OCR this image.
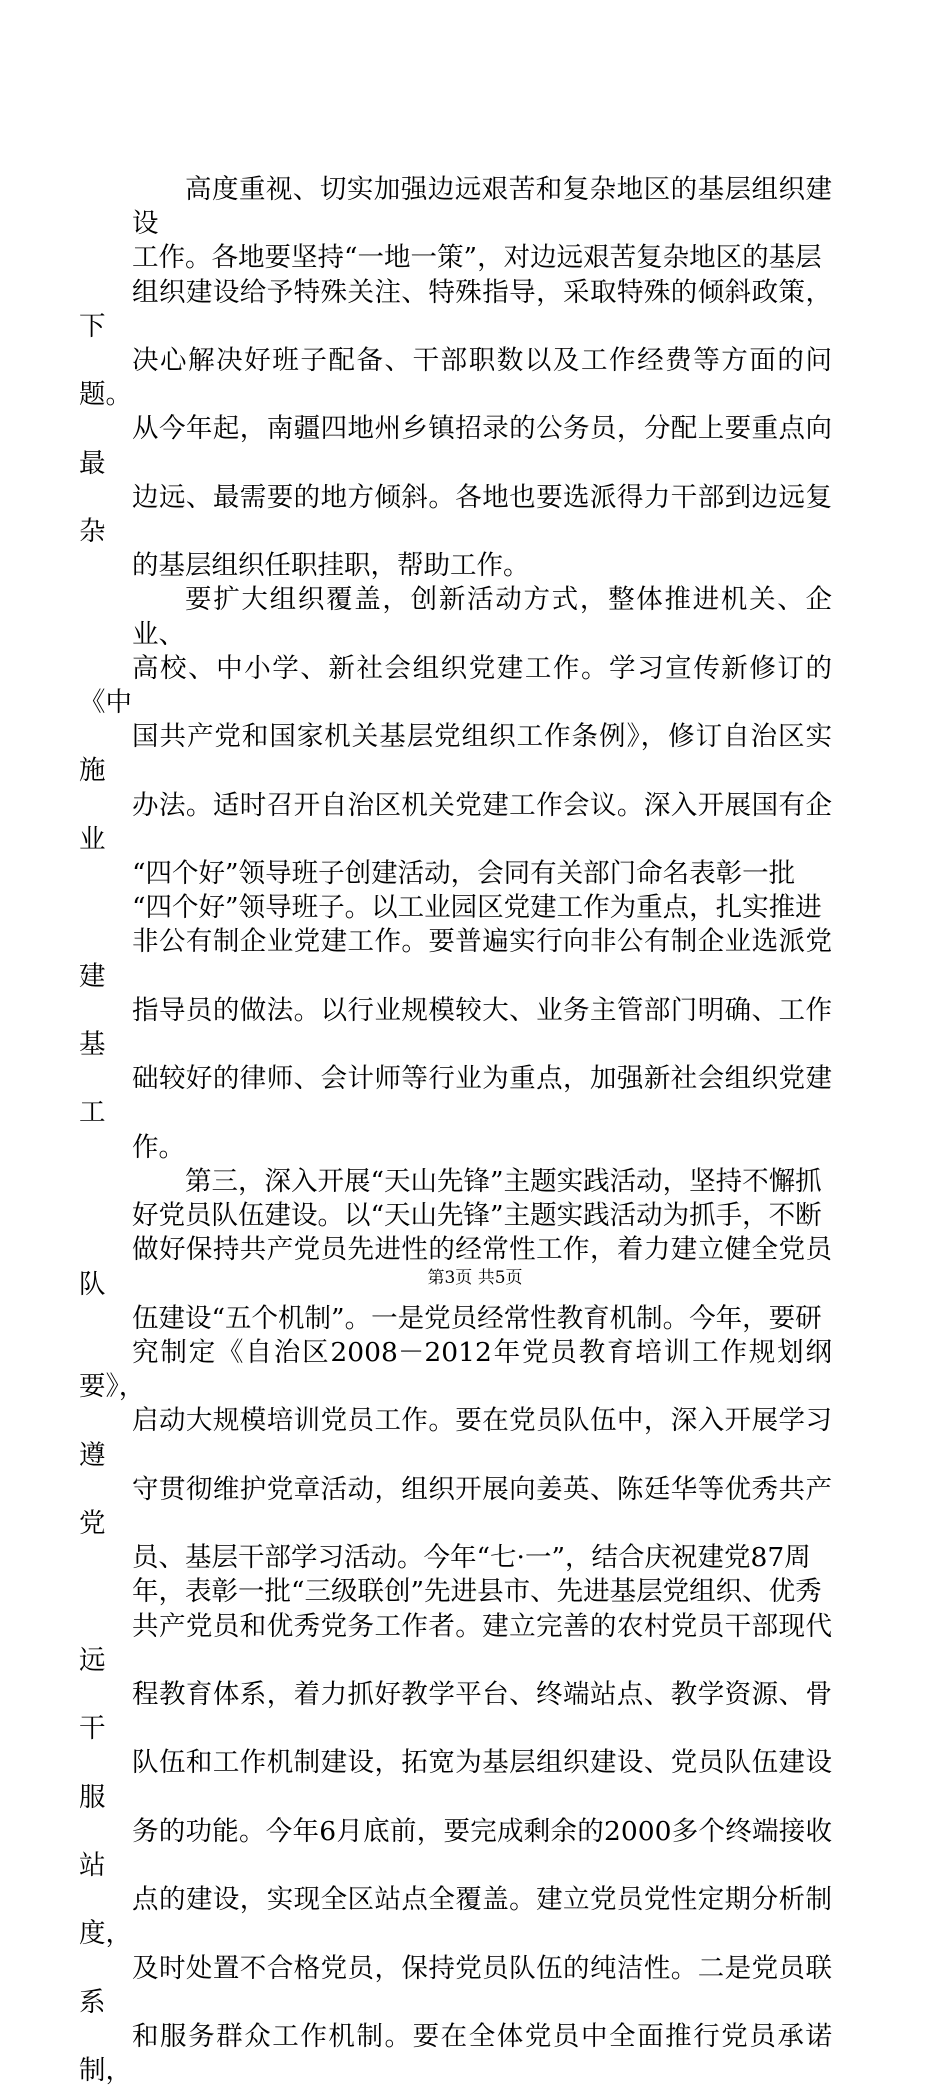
高度重视、切实加强边远艰苦和复杂地区的基层组织建设
工作。各地要坚持“一地一策”，对边远艰苦复杂地区的基层
组织建设给予特殊关注、特殊指导，采取特殊的倾斜政策，下
决心解决好班子配备、干部职数以及工作经费等方面的问题。
从今年起，南疆四地州乡镇招录的公务员，分配上要重点向最
边远、最需要的地方倾斜。各地也要选派得力干部到边远复杂
的基层组织任职挂职，帮助工作。

要扩大组织覆盖，创新活动方式，整体推进机关、企业、
高校、中小学、新社会组织党建工作。学习宣传新修订的《中
国共产党和国家机关基层党组织工作条例》，修订自治区实施
办法。适时召开自治区机关党建工作会议。深入开展国有企业
“四个好”领导班子创建活动，会同有关部门命名表彰一批
“四个好”领导班子。以工业园区党建工作为重点，扎实推进
非公有制企业党建工作。要普遍实行向非公有制企业选派党建
指导员的做法。以行业规模较大、业务主管部门明确、工作基
础较好的律师、会计师等行业为重点，加强新社会组织党建工
作。

第三，深入开展“天山先锋”主题实践活动，坚持不懈抓
好党员队伍建设。以“天山先锋”主题实践活动为抓手，不断
做好保持共产党员先进性的经常性工作，着力建立健全党员队
伍建设“五个机制”。一是党员经常性教育机制。今年，要研
究制定《自治区2008－2012年党员教育培训工作规划纲要》，
启动大规模培训党员工作。要在党员队伍中，深入开展学习遵
守贯彻维护党章活动，组织开展向姜英、陈廷华等优秀共产党
员、基层干部学习活动。今年“七·一”，结合庆祝建党87周
年，表彰一批“三级联创”先进县市、先进基层党组织、优秀
共产党员和优秀党务工作者。建立完善的农村党员干部现代远
程教育体系，着力抓好教学平台、终端站点、教学资源、骨干
队伍和工作机制建设，拓宽为基层组织建设、党员队伍建设服
务的功能。今年6月底前，要完成剩余的2000多个终端接收站
点的建设，实现全区站点全覆盖。建立党员党性定期分析制度，
及时处置不合格党员，保持党员队伍的纯洁性。二是党员联系
和服务群众工作机制。要在全体党员中全面推行党员承诺制，

第3页 共5页
